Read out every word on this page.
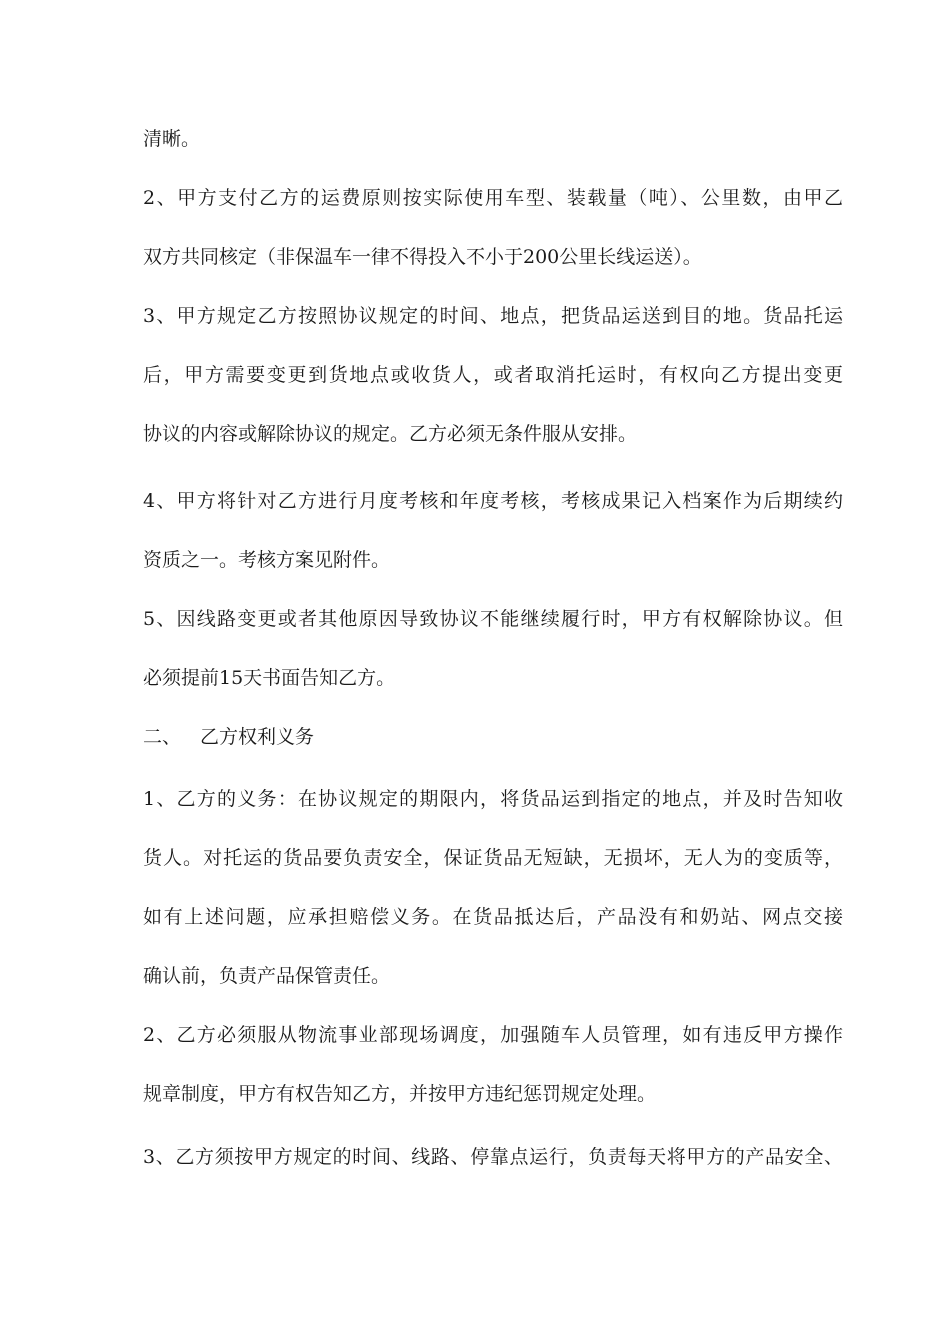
清晰。
2、甲方支付乙方的运费原则按实际使用车型、装载量（吨）、公里数，由甲乙
双方共同核定（非保温车一律不得投入不小于200公里长线运送）。
3、甲方规定乙方按照协议规定的时间、地点，把货品运送到目的地。货品托运
后，甲方需要变更到货地点或收货人，或者取消托运时，有权向乙方提出变更
协议的内容或解除协议的规定。乙方必须无条件服从安排。
4、甲方将针对乙方进行月度考核和年度考核，考核成果记入档案作为后期续约
资质之一。考核方案见附件。
5、因线路变更或者其他原因导致协议不能继续履行时，甲方有权解除协议。但
必须提前15天书面告知乙方。
二、 乙方权利义务
1、乙方的义务：在协议规定的期限内，将货品运到指定的地点，并及时告知收
货人。对托运的货品要负责安全，保证货品无短缺，无损坏，无人为的变质等，
如有上述问题，应承担赔偿义务。在货品抵达后，产品没有和奶站、网点交接
确认前，负责产品保管责任。
2、乙方必须服从物流事业部现场调度，加强随车人员管理，如有违反甲方操作
规章制度，甲方有权告知乙方，并按甲方违纪惩罚规定处理。
3、乙方须按甲方规定的时间、线路、停靠点运行，负责每天将甲方的产品安全、
